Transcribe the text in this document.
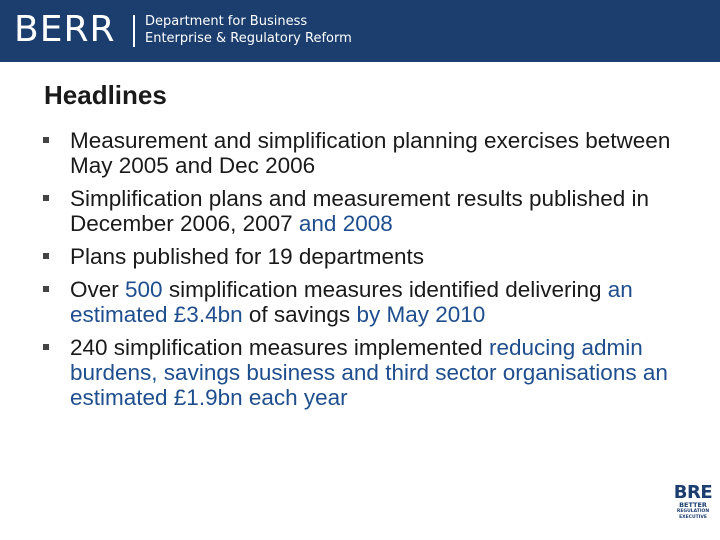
BERR Department for Business
Enterprise & Regulatory Reform
Headlines
Measurement and simplification planning exercises between May 2005 and Dec 2006
Simplification plans and measurement results published in December 2006, 2007 and 2008
Plans published for 19 departments
Over 500 simplification measures identified delivering an estimated £3.4bn of savings by May 2010
240 simplification measures implemented reducing admin burdens, savings business and third sector organisations an estimated £1.9bn each year
BRE
BETTER
REGULATION
EXECUTIVE
